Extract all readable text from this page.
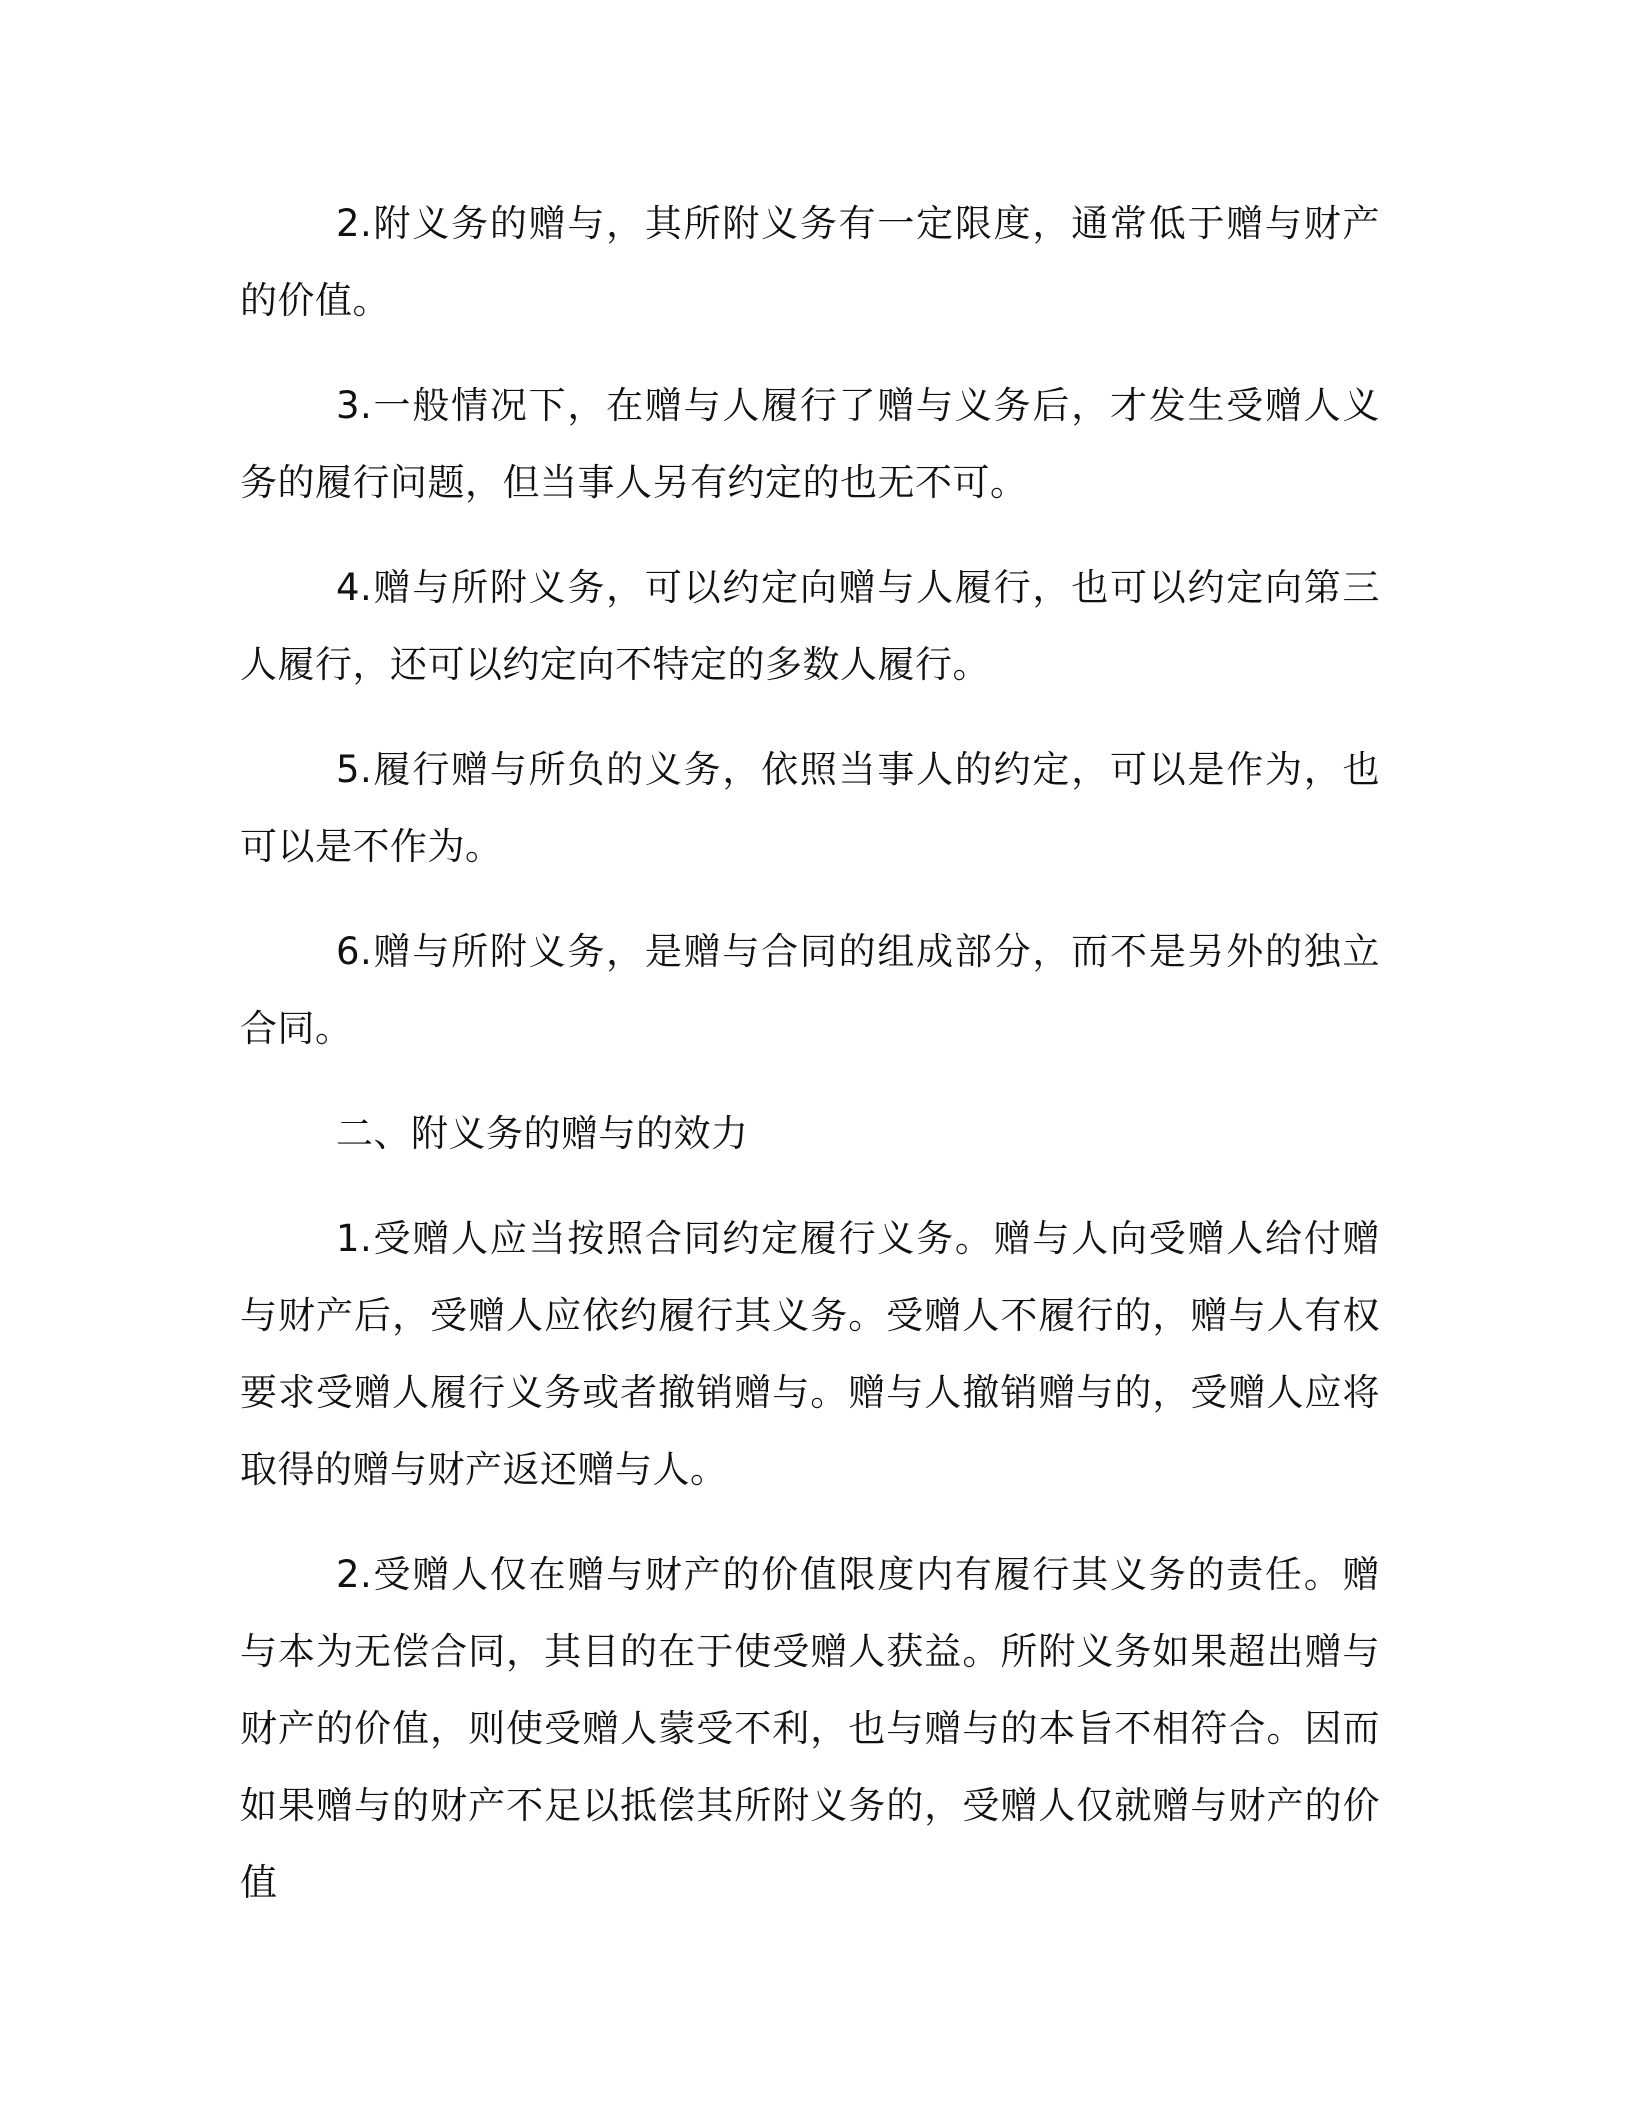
2.附义务的赠与，其所附义务有一定限度，通常低于赠与财产的价值。

3.一般情况下，在赠与人履行了赠与义务后，才发生受赠人义务的履行问题，但当事人另有约定的也无不可。

4.赠与所附义务，可以约定向赠与人履行，也可以约定向第三人履行，还可以约定向不特定的多数人履行。

5.履行赠与所负的义务，依照当事人的约定，可以是作为，也可以是不作为。

6.赠与所附义务，是赠与合同的组成部分，而不是另外的独立合同。

二、附义务的赠与的效力

1.受赠人应当按照合同约定履行义务。赠与人向受赠人给付赠与财产后，受赠人应依约履行其义务。受赠人不履行的，赠与人有权要求受赠人履行义务或者撤销赠与。赠与人撤销赠与的，受赠人应将取得的赠与财产返还赠与人。

2.受赠人仅在赠与财产的价值限度内有履行其义务的责任。赠与本为无偿合同，其目的在于使受赠人获益。所附义务如果超出赠与财产的价值，则使受赠人蒙受不利，也与赠与的本旨不相符合。因而如果赠与的财产不足以抵偿其所附义务的，受赠人仅就赠与财产的价值
